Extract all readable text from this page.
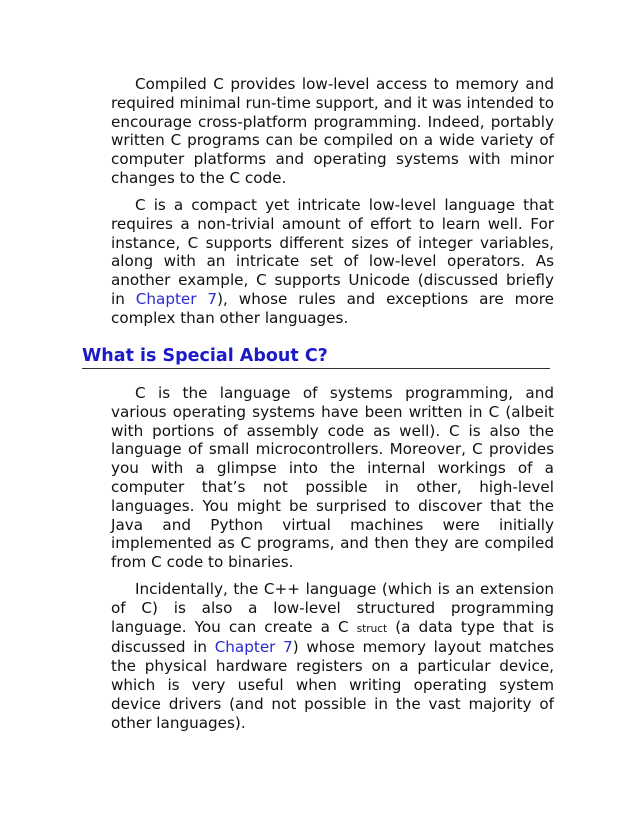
Compiled C provides low-level access to memory and required minimal run-time support, and it was intended to encourage cross-platform programming. Indeed, portably written C programs can be compiled on a wide variety of computer platforms and operating systems with minor changes to the C code.

C is a compact yet intricate low-level language that requires a non-trivial amount of effort to learn well. For instance, C supports different sizes of integer variables, along with an intricate set of low-level operators. As another example, C supports Unicode (discussed briefly in Chapter 7), whose rules and exceptions are more complex than other languages.

What is Special About C?

C is the language of systems programming, and various operating systems have been written in C (albeit with portions of assembly code as well). C is also the language of small microcontrollers. Moreover, C provides you with a glimpse into the internal workings of a computer that’s not possible in other, high-level languages. You might be surprised to discover that the Java and Python virtual machines were initially implemented as C programs, and then they are compiled from C code to binaries.

Incidentally, the C++ language (which is an extension of C) is also a low-level structured programming language. You can create a C struct (a data type that is discussed in Chapter 7) whose memory layout matches the physical hardware registers on a particular device, which is very useful when writing operating system device drivers (and not possible in the vast majority of other languages).
